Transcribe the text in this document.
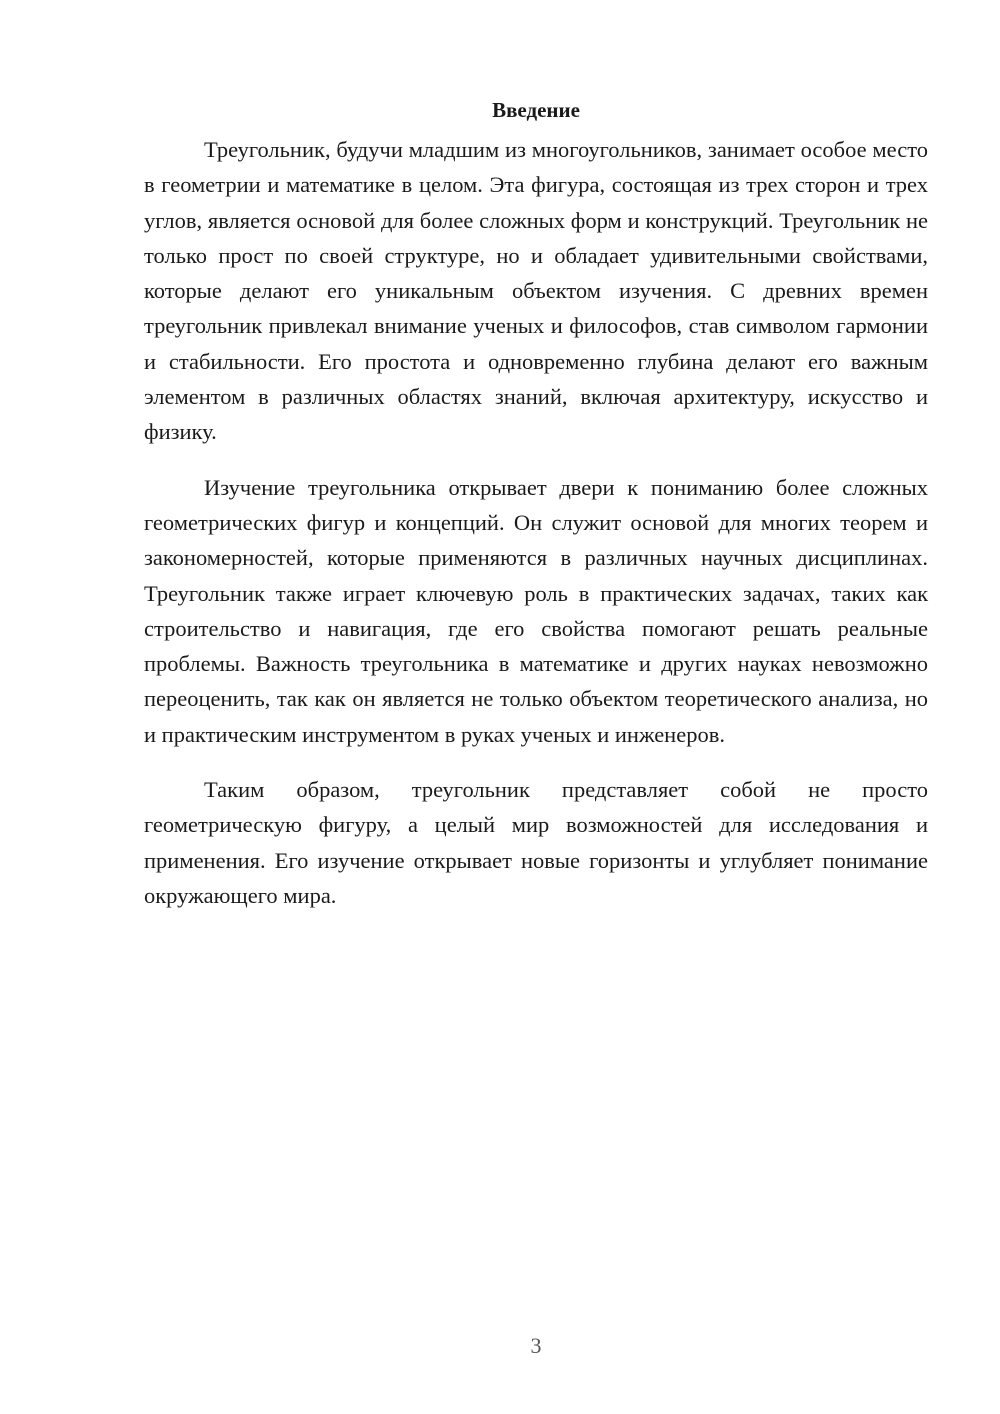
Введение

Треугольник, будучи младшим из многоугольников, занимает особое место в геометрии и математике в целом. Эта фигура, состоящая из трех сторон и трех углов, является основой для более сложных форм и конструкций. Треугольник не только прост по своей структуре, но и обладает удивительными свойствами, которые делают его уникальным объектом изучения. С древних времен треугольник привлекал внимание ученых и философов, став символом гармонии и стабильности. Его простота и одновременно глубина делают его важным элементом в различных областях знаний, включая архитектуру, искусство и физику.

Изучение треугольника открывает двери к пониманию более сложных геометрических фигур и концепций. Он служит основой для многих теорем и закономерностей, которые применяются в различных научных дисциплинах. Треугольник также играет ключевую роль в практических задачах, таких как строительство и навигация, где его свойства помогают решать реальные проблемы. Важность треугольника в математике и других науках невозможно переоценить, так как он является не только объектом теоретического анализа, но и практическим инструментом в руках ученых и инженеров.

Таким образом, треугольник представляет собой не просто геометрическую фигуру, а целый мир возможностей для исследования и применения. Его изучение открывает новые горизонты и углубляет понимание окружающего мира.

3
